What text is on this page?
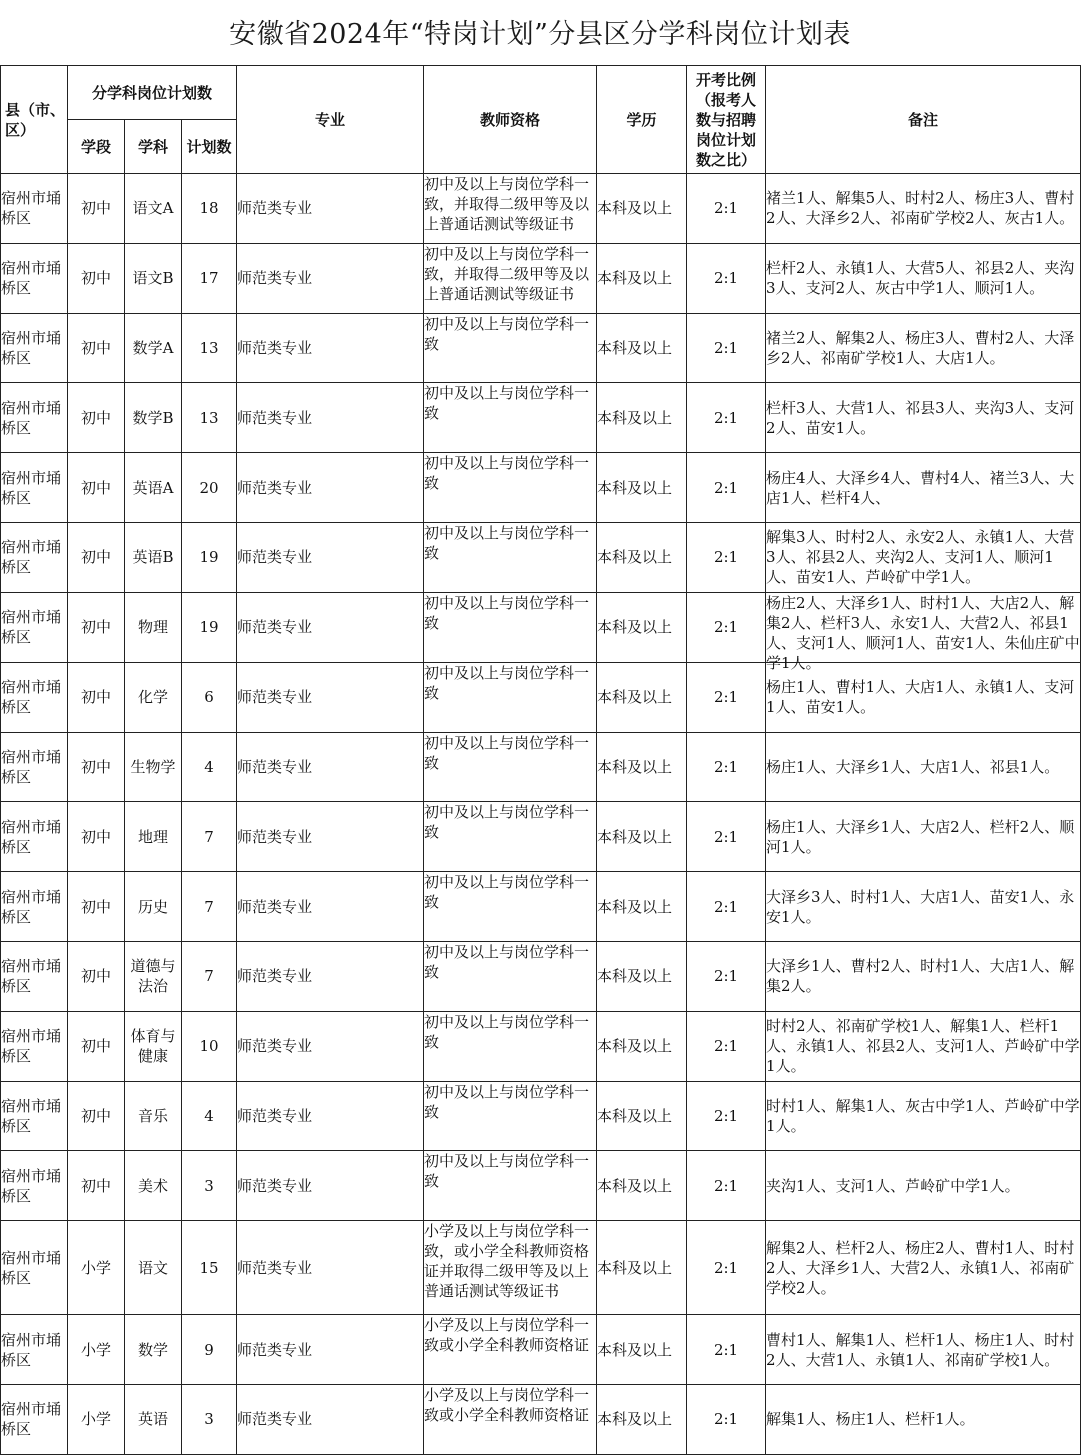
安徽省2024年“特岗计划”分县区分学科岗位计划表
县（市、区）	分学科岗位计划数			专业	教师资格	学历	开考比例（报考人数与招聘岗位计划数之比）	备注
	学段	学科	计划数					

宿州市埇桥区	初中	语文A	18	师范类专业	初中及以上与岗位学科一致，并取得二级甲等及以上普通话测试等级证书	本科及以上	2:1	褚兰1人、解集5人、时村2人、杨庄3人、曹村2人、大泽乡2人、祁南矿学校2人、灰古1人。

宿州市埇桥区	初中	语文B	17	师范类专业	初中及以上与岗位学科一致，并取得二级甲等及以上普通话测试等级证书	本科及以上	2:1	栏杆2人、永镇1人、大营5人、祁县2人、夹沟3人、支河2人、灰古中学1人、顺河1人。

宿州市埇桥区	初中	数学A	13	师范类专业	初中及以上与岗位学科一致	本科及以上	2:1	褚兰2人、解集2人、杨庄3人、曹村2人、大泽乡2人、祁南矿学校1人、大店1人。

宿州市埇桥区	初中	数学B	13	师范类专业	初中及以上与岗位学科一致	本科及以上	2:1	栏杆3人、大营1人、祁县3人、夹沟3人、支河2人、苗安1人。

宿州市埇桥区	初中	英语A	20	师范类专业	初中及以上与岗位学科一致	本科及以上	2:1	杨庄4人、大泽乡4人、曹村4人、褚兰3人、大店1人、栏杆4人、

宿州市埇桥区	初中	英语B	19	师范类专业	初中及以上与岗位学科一致	本科及以上	2:1	解集3人、时村2人、永安2人、永镇1人、大营3人、祁县2人、夹沟2人、支河1人、顺河1人、苗安1人、芦岭矿中学1人。

宿州市埇桥区	初中	物理	19	师范类专业	初中及以上与岗位学科一致	本科及以上	2:1	杨庄2人、大泽乡1人、时村1人、大店2人、解集2人、栏杆3人、永安1人、大营2人、祁县1人、支河1人、顺河1人、苗安1人、朱仙庄矿中学1人。

宿州市埇桥区	初中	化学	6	师范类专业	初中及以上与岗位学科一致	本科及以上	2:1	杨庄1人、曹村1人、大店1人、永镇1人、支河1人、苗安1人。

宿州市埇桥区	初中	生物学	4	师范类专业	初中及以上与岗位学科一致	本科及以上	2:1	杨庄1人、大泽乡1人、大店1人、祁县1人。

宿州市埇桥区	初中	地理	7	师范类专业	初中及以上与岗位学科一致	本科及以上	2:1	杨庄1人、大泽乡1人、大店2人、栏杆2人、顺河1人。

宿州市埇桥区	初中	历史	7	师范类专业	初中及以上与岗位学科一致	本科及以上	2:1	大泽乡3人、时村1人、大店1人、苗安1人、永安1人。

宿州市埇桥区	初中	道德与法治	7	师范类专业	初中及以上与岗位学科一致	本科及以上	2:1	大泽乡1人、曹村2人、时村1人、大店1人、解集2人。

宿州市埇桥区	初中	体育与健康	10	师范类专业	初中及以上与岗位学科一致	本科及以上	2:1	时村2人、祁南矿学校1人、解集1人、栏杆1人、永镇1人、祁县2人、支河1人、芦岭矿中学1人。

宿州市埇桥区	初中	音乐	4	师范类专业	初中及以上与岗位学科一致	本科及以上	2:1	时村1人、解集1人、灰古中学1人、芦岭矿中学1人。

宿州市埇桥区	初中	美术	3	师范类专业	初中及以上与岗位学科一致	本科及以上	2:1	夹沟1人、支河1人、芦岭矿中学1人。

宿州市埇桥区	小学	语文	15	师范类专业	小学及以上与岗位学科一致，或小学全科教师资格证并取得二级甲等及以上普通话测试等级证书	本科及以上	2:1	解集2人、栏杆2人、杨庄2人、曹村1人、时村2人、大泽乡1人、大营2人、永镇1人、祁南矿学校2人。

宿州市埇桥区	小学	数学	9	师范类专业	小学及以上与岗位学科一致或小学全科教师资格证	本科及以上	2:1	曹村1人、解集1人、栏杆1人、杨庄1人、时村2人、大营1人、永镇1人、祁南矿学校1人。

宿州市埇桥区	小学	英语	3	师范类专业	小学及以上与岗位学科一致或小学全科教师资格证	本科及以上	2:1	解集1人、杨庄1人、栏杆1人。
